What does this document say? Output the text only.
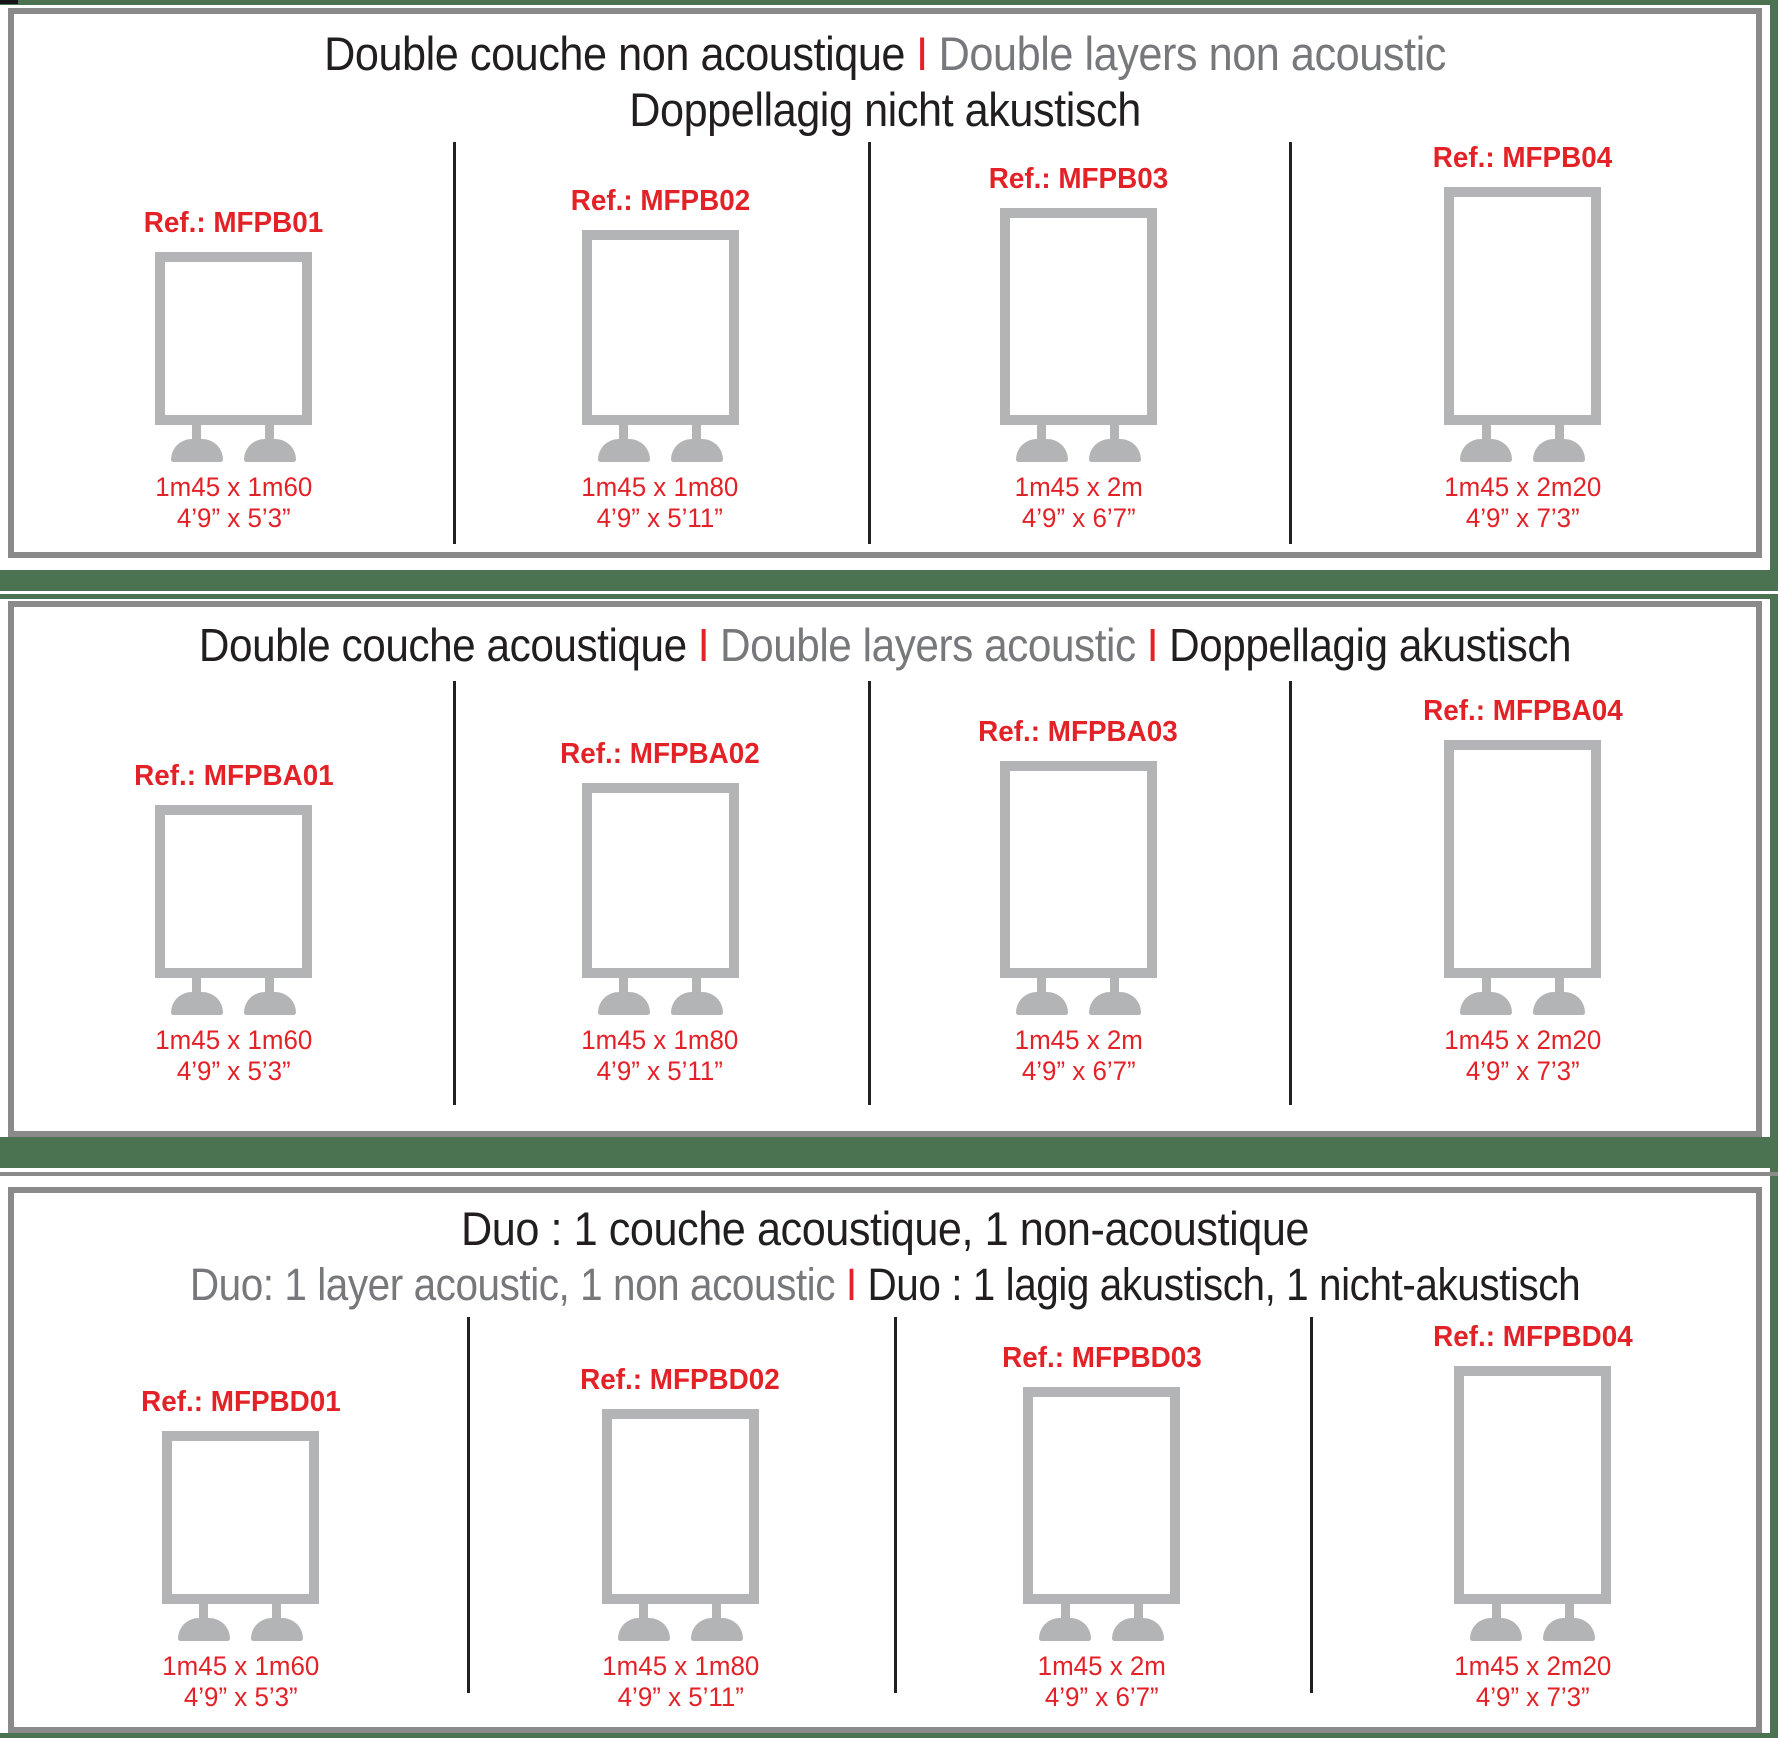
Double couche non acoustique I Double layers non acoustic
Doppellagig nicht akustisch
Ref.: MFPB01
1m45 x 1m60
4’9” x 5’3”
Ref.: MFPB02
1m45 x 1m80
4’9” x 5’11”
Ref.: MFPB03
1m45 x 2m
4’9” x 6’7”
Ref.: MFPB04
1m45 x 2m20
4’9” x 7’3”
Double couche acoustique I Double layers acoustic I Doppellagig akustisch
Ref.: MFPBA01
1m45 x 1m60
4’9” x 5’3”
Ref.: MFPBA02
1m45 x 1m80
4’9” x 5’11”
Ref.: MFPBA03
1m45 x 2m
4’9” x 6’7”
Ref.: MFPBA04
1m45 x 2m20
4’9” x 7’3”
Duo : 1 couche acoustique, 1 non-acoustique
Duo: 1 layer acoustic, 1 non acoustic I Duo : 1 lagig akustisch, 1 nicht-akustisch
Ref.: MFPBD01
1m45 x 1m60
4’9” x 5’3”
Ref.: MFPBD02
1m45 x 1m80
4’9” x 5’11”
Ref.: MFPBD03
1m45 x 2m
4’9” x 6’7”
Ref.: MFPBD04
1m45 x 2m20
4’9” x 7’3”
